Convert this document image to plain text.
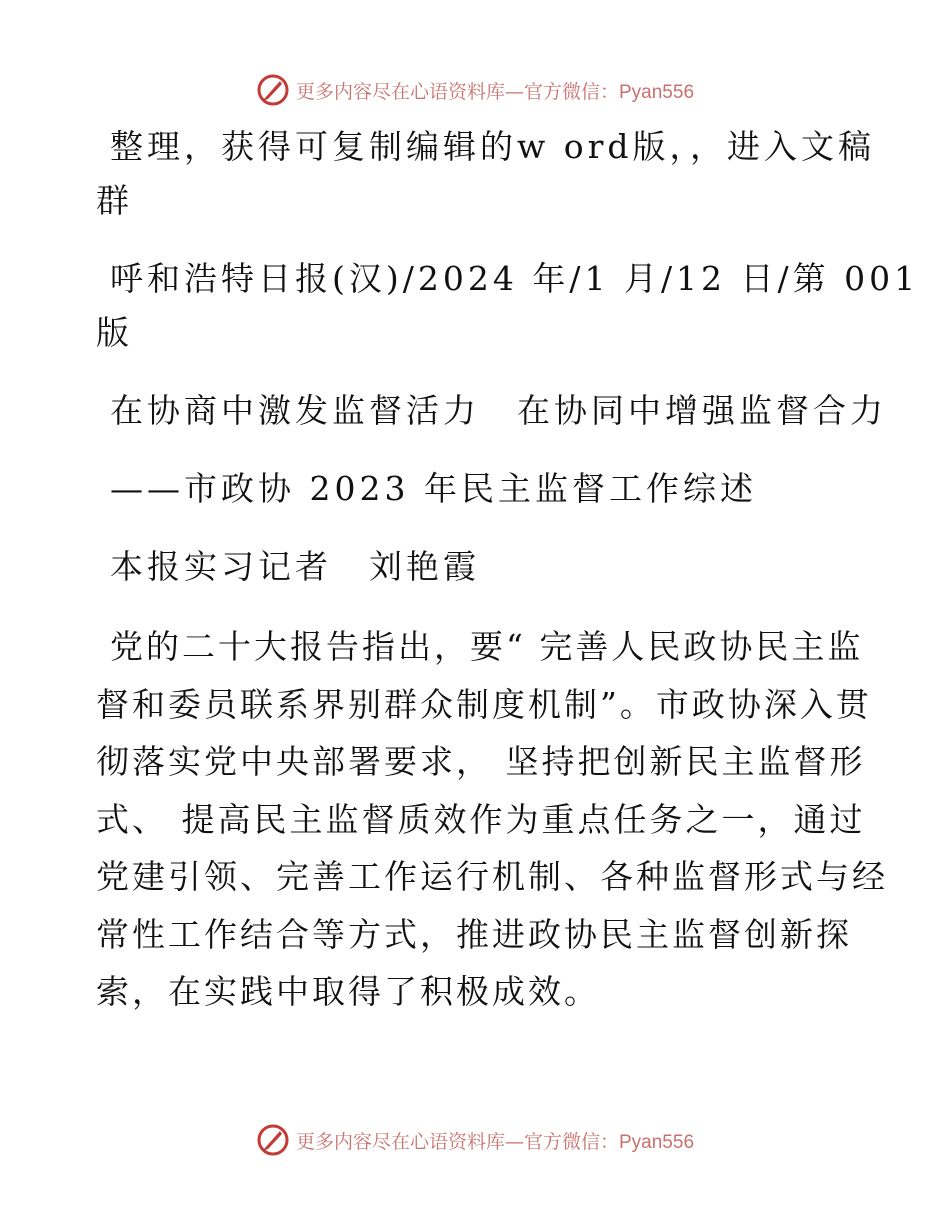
更多内容尽在心语资料库—官方微信：Pyan556

整理，获得可复制编辑的w ord版，，进入文稿

群

呼和浩特日报(汉)/2024 年/1 月/12 日/第 001

版

在协商中激发监督活力　在协同中增强监督合力

——市政协 2023 年民主监督工作综述

本报实习记者　刘艳霞

党的二十大报告指出，要“ 完善人民政协民主监

督和委员联系界别群众制度机制”。市政协深入贯

彻落实党中央部署要求， 坚持把创新民主监督形

式、 提高民主监督质效作为重点任务之一，通过

党建引领、完善工作运行机制、各种监督形式与经

常性工作结合等方式，推进政协民主监督创新探

索，在实践中取得了积极成效。

更多内容尽在心语资料库—官方微信：Pyan556
